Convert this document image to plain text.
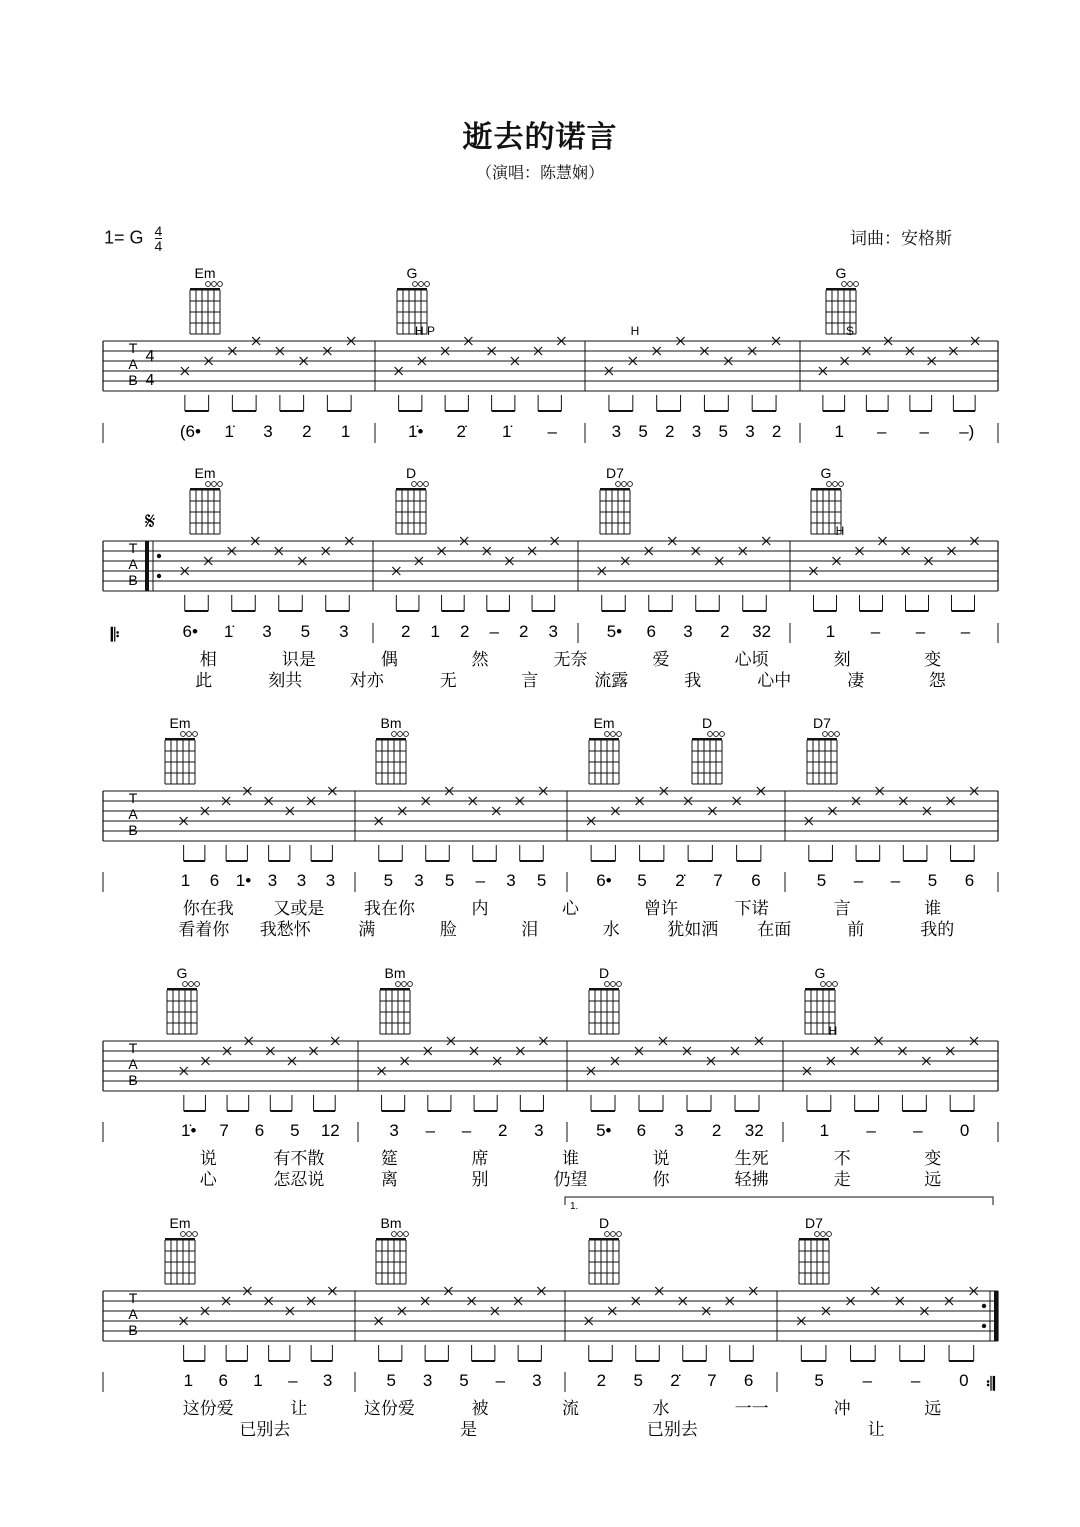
逝去的诺言
（演唱：陈慧娴）
1= G $\frac{4}{4}$	词曲：安格斯
Em	G	G
T
A
B
4
4
(6• 1̇ 3 2 1	1̇• 2̇ 1̇ –	3 5 2 3 5 3 2	1 – – –)
H P	H	S
Em	D	D7	G
T
A
B
𝄆	6• 1̇ 3 5 3	2 1 2 – 2 3	5• 6 3 2 32	1 – – –
相	识是	偶	然	无奈	爱	心顷	刻	变
此	刻共	对亦	无	言	流露	我	心中	凄	怨
𝄋	H
Em	Bm	Em	D	D7
T
A
B
1 6 1• 3 3 3	5 3 5 – 3 5	6• 5 2̇ 7 6	5 – – 5 6
你在我 又或是 我在你	内	心	曾许	下诺	言	谁
看着你 我愁怀	满	脸	泪	水	犹如洒 在面	前	我的
G	Bm	D	G
T
A
B
1̇• 7 6 5 12	3 – – 2 3	5• 6 3 2 32	1 – – 0
说	有不散	筵	席	谁	说	生死	不	变
心	怎忍说	离	别	仍望	你	轻拂	走	远
H
1.
Em	Bm	D	D7
T
A
B
𝄇
1 6 1 – 3	5 3 5 – 3	2 5 2̇ 7 6	5 – – 0
这份爱	让	这份爱	被	流	水	一一	冲	远
已别去	是	已别去	让
